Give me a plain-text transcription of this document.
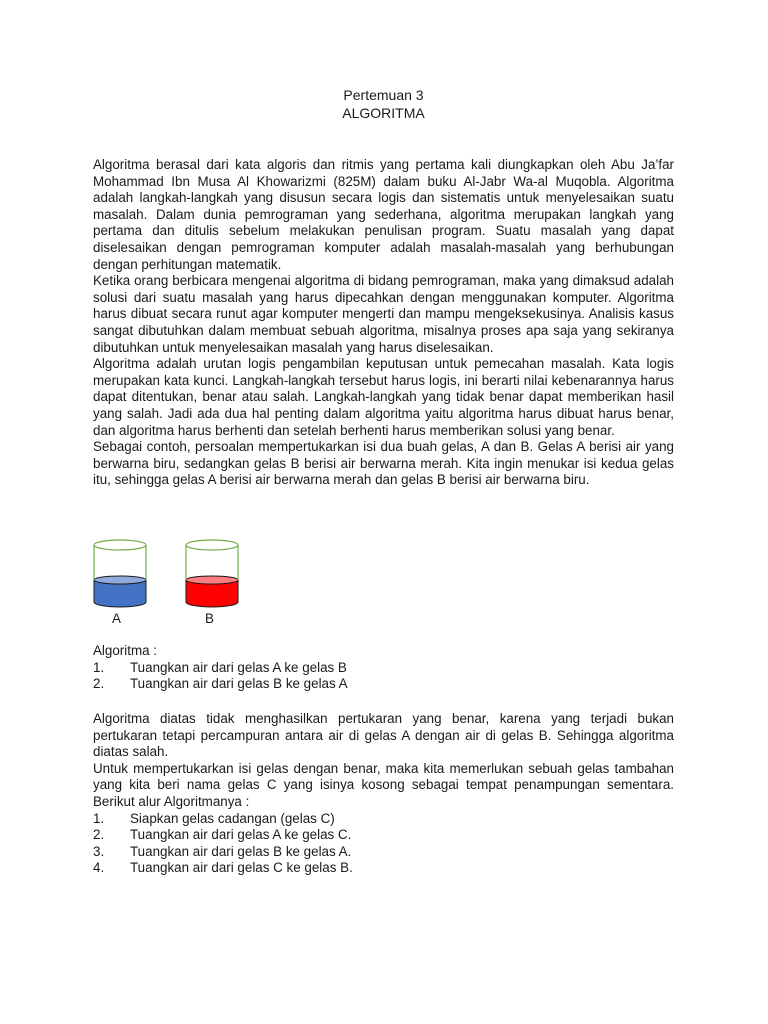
Pertemuan 3
ALGORITMA

Algoritma berasal dari kata algoris dan ritmis yang pertama kali diungkapkan oleh Abu Ja’far Mohammad Ibn Musa Al Khowarizmi (825M) dalam buku Al-Jabr Wa-al Muqobla. Algoritma adalah langkah-langkah yang disusun secara logis dan sistematis untuk menyelesaikan suatu masalah. Dalam dunia pemrograman yang sederhana, algoritma merupakan langkah yang pertama dan ditulis sebelum melakukan penulisan program. Suatu masalah yang dapat diselesaikan dengan pemrograman komputer adalah masalah-masalah yang berhubungan dengan perhitungan matematik.

Ketika orang berbicara mengenai algoritma di bidang pemrograman, maka yang dimaksud adalah solusi dari suatu masalah yang harus dipecahkan dengan menggunakan komputer. Algoritma harus dibuat secara runut agar komputer mengerti dan mampu mengeksekusinya. Analisis kasus sangat dibutuhkan dalam membuat sebuah algoritma, misalnya proses apa saja yang sekiranya dibutuhkan untuk menyelesaikan masalah yang harus diselesaikan.

Algoritma adalah urutan logis pengambilan keputusan untuk pemecahan masalah. Kata logis merupakan kata kunci. Langkah-langkah tersebut harus logis, ini berarti nilai kebenarannya harus dapat ditentukan, benar atau salah. Langkah-langkah yang tidak benar dapat memberikan hasil yang salah. Jadi ada dua hal penting dalam algoritma yaitu algoritma harus dibuat harus benar, dan algoritma harus berhenti dan setelah berhenti harus memberikan solusi yang benar.

Sebagai contoh, persoalan mempertukarkan isi dua buah gelas, A dan B. Gelas A berisi air yang berwarna biru, sedangkan gelas B berisi air berwarna merah. Kita ingin menukar isi kedua gelas itu, sehingga gelas A berisi air berwarna merah dan gelas B berisi air berwarna biru.

A	B
Algoritma :
1.	Tuangkan air dari gelas A ke gelas B
2.	Tuangkan air dari gelas B ke gelas A

Algoritma diatas tidak menghasilkan pertukaran yang benar, karena yang terjadi bukan pertukaran tetapi percampuran antara air di gelas A dengan air di gelas B. Sehingga algoritma diatas salah.

Untuk mempertukarkan isi gelas dengan benar, maka kita memerlukan sebuah gelas tambahan yang kita beri nama gelas C yang isinya kosong sebagai tempat penampungan sementara. Berikut alur Algoritmanya :

1.	Siapkan gelas cadangan (gelas C)
2.	Tuangkan air dari gelas A ke gelas C.
3.	Tuangkan air dari gelas B ke gelas A.
4.	Tuangkan air dari gelas C ke gelas B.
